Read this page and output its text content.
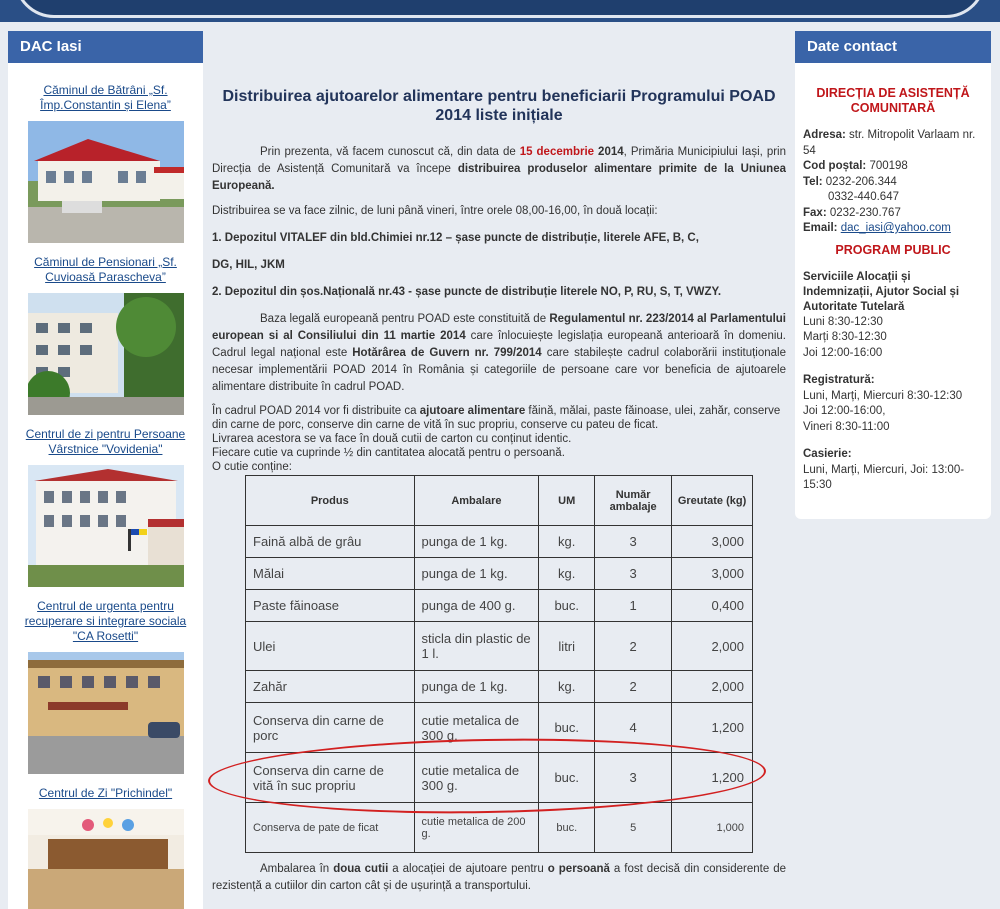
DAC Iasi
Căminul de Bătrâni „Sf. Împ.Constantin și Elena”
Căminul de Pensionari „Sf. Cuvioasă Parascheva”
Centrul de zi pentru Persoane Vârstnice "Vovidenia"
Centrul de urgenta pentru recuperare si integrare sociala "CA Rosetti"
Centrul de Zi "Prichindel"
Distribuirea ajutoarelor alimentare pentru beneficiarii Programului POAD 2014 liste inițiale

Prin prezenta, vă facem cunoscut că, din data de 15 decembrie 2014, Primăria Municipiului Iași, prin Direcția de Asistență Comunitară va începe distribuirea produselor alimentare primite de la Uniunea Europeană.

Distribuirea se va face zilnic, de luni până vineri, între orele 08,00-16,00, în două locații:

1. Depozitul VITALEF din bld.Chimiei nr.12 – șase puncte de distribuție, literele AFE, B, C,

DG, HIL, JKM

2. Depozitul din șos.Națională nr.43 - șase puncte de distribuție literele NO, P, RU, S, T, VWZY.

Baza legală europeană pentru POAD este constituită de Regulamentul nr. 223/2014 al Parlamentului european si al Consiliului din 11 martie 2014 care înlocuiește legislația europeană anterioară în domeniu. Cadrul legal național este Hotărârea de Guvern nr. 799/2014 care stabilește cadrul colaborării instituționale necesar implementării POAD 2014 în România și categoriile de persoane care vor beneficia de ajutoarele alimentare distribuite în cadrul POAD.

În cadrul POAD 2014 vor fi distribuite ca ajutoare alimentare făină, mălai, paste făinoase, ulei, zahăr, conserve din carne de porc, conserve din carne de vită în suc propriu, conserve cu pateu de ficat.

Livrarea acestora se va face în două cutii de carton cu conținut identic.

Fiecare cutie va cuprinde ½ din cantitatea alocată pentru o persoană.

O cutie conține:

Produs	Ambalare	UM	Număr ambalaje	Greutate (kg)
Faină albă de grâu	punga de 1 kg.	kg.	3	3,000
Mălai	punga de 1 kg.	kg.	3	3,000
Paste făinoase	punga de 400 g.	buc.	1	0,400
Ulei	sticla din plastic de 1 l.	litri	2	2,000
Zahăr	punga de 1 kg.	kg.	2	2,000
Conserva din carne de porc	cutie metalica de 300 g.	buc.	4	1,200
Conserva din carne de vită în suc propriu	cutie metalica de 300 g.	buc.	3	1,200
Conserva de pate de ficat	cutie metalica de 200 g.	buc.	5	1,000

Ambalarea în doua cutii a alocației de ajutoare pentru o persoană a fost decisă din considerente de rezistență a cutiilor din carton cât și de ușurință a transportului.

Date contact
DIRECȚIA DE ASISTENȚĂ COMUNITARĂ
Adresa: str. Mitropolit Varlaam nr. 54
Cod poștal: 700198
Tel: 0232-206.344
0332-440.647
Fax: 0232-230.767
Email: dac_iasi@yahoo.com
PROGRAM PUBLIC
Serviciile Alocații și Indemnizații, Ajutor Social și Autoritate Tutelară
Luni 8:30-12:30
Marți 8:30-12:30
Joi 12:00-16:00
Registratură:
Luni, Marți, Miercuri 8:30-12:30
Joi 12:00-16:00,
Vineri 8:30-11:00
Casierie:
Luni, Marți, Miercuri, Joi: 13:00-15:30
